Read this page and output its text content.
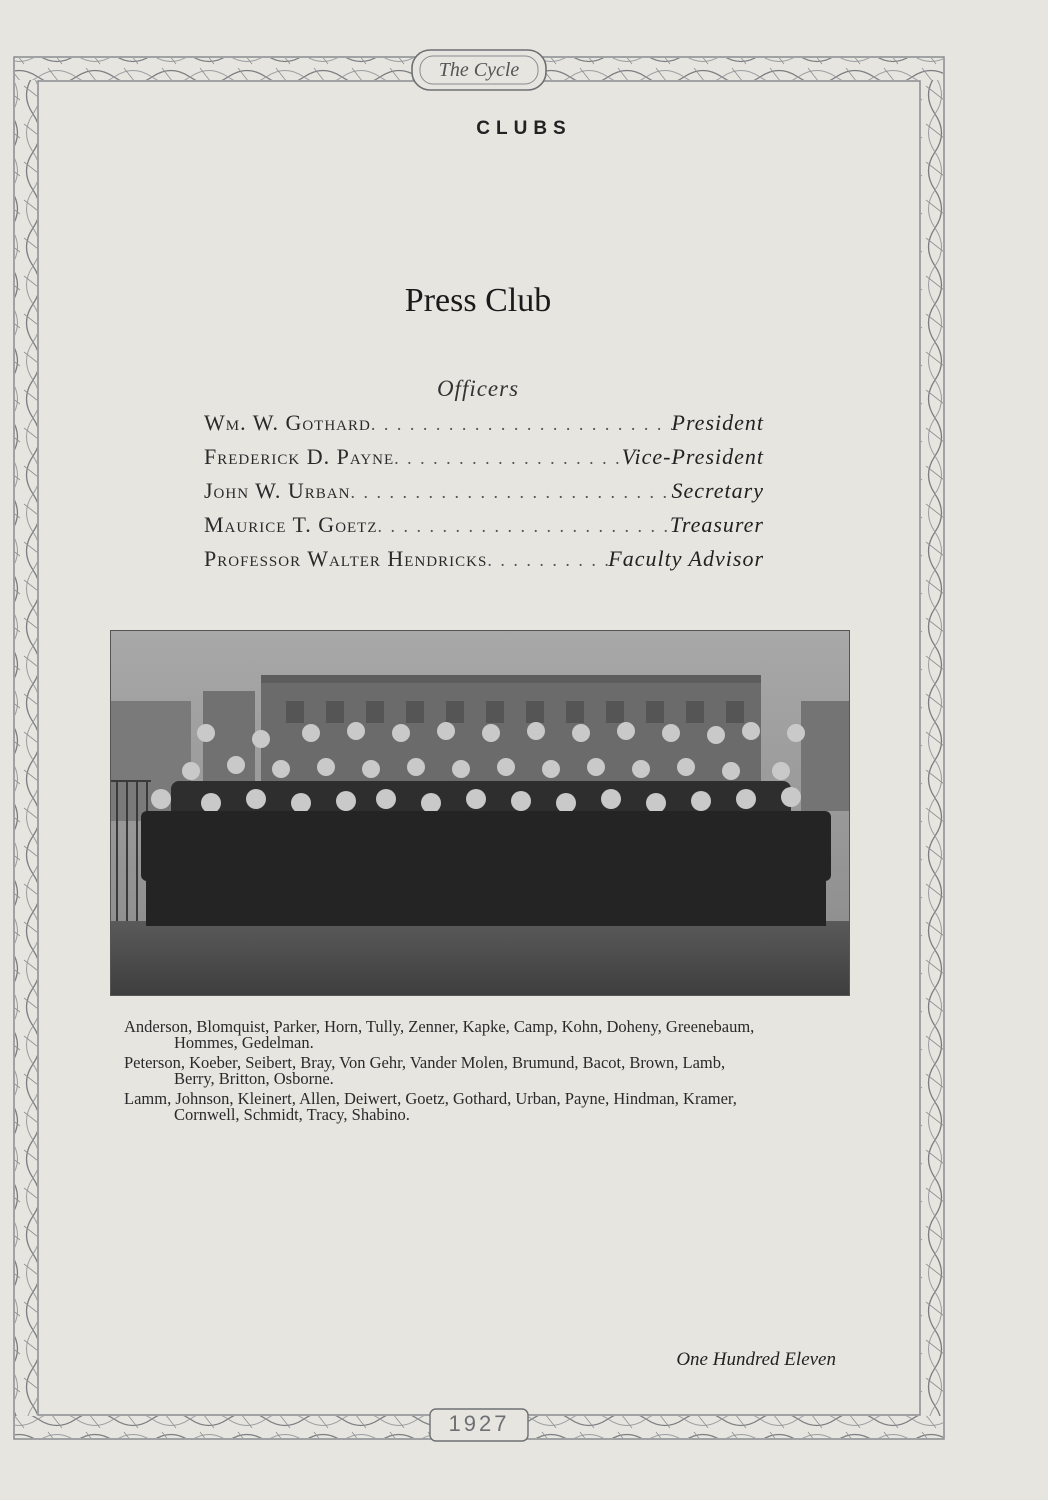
The Cycle
CLUBS
Press Club
Officers
Wm. W. Gothard . . .	President
Frederick D. Payne . . .	Vice-President
John W. Urban . . .	Secretary
Maurice T. Goetz . . .	Treasurer
Professor Walter Hendricks . . .	Faculty Advisor

Anderson, Blomquist, Parker, Horn, Tully, Zenner, Kapke, Camp, Kohn, Doheny, Greenebaum,

Hommes, Gedelman.

Peterson, Koeber, Seibert, Bray, Von Gehr, Vander Molen, Brumund, Bacot, Brown, Lamb,

Berry, Britton, Osborne.

Lamm, Johnson, Kleinert, Allen, Deiwert, Goetz, Gothard, Urban, Payne, Hindman, Kramer,

Cornwell, Schmidt, Tracy, Shabino.

One Hundred Eleven
1927
